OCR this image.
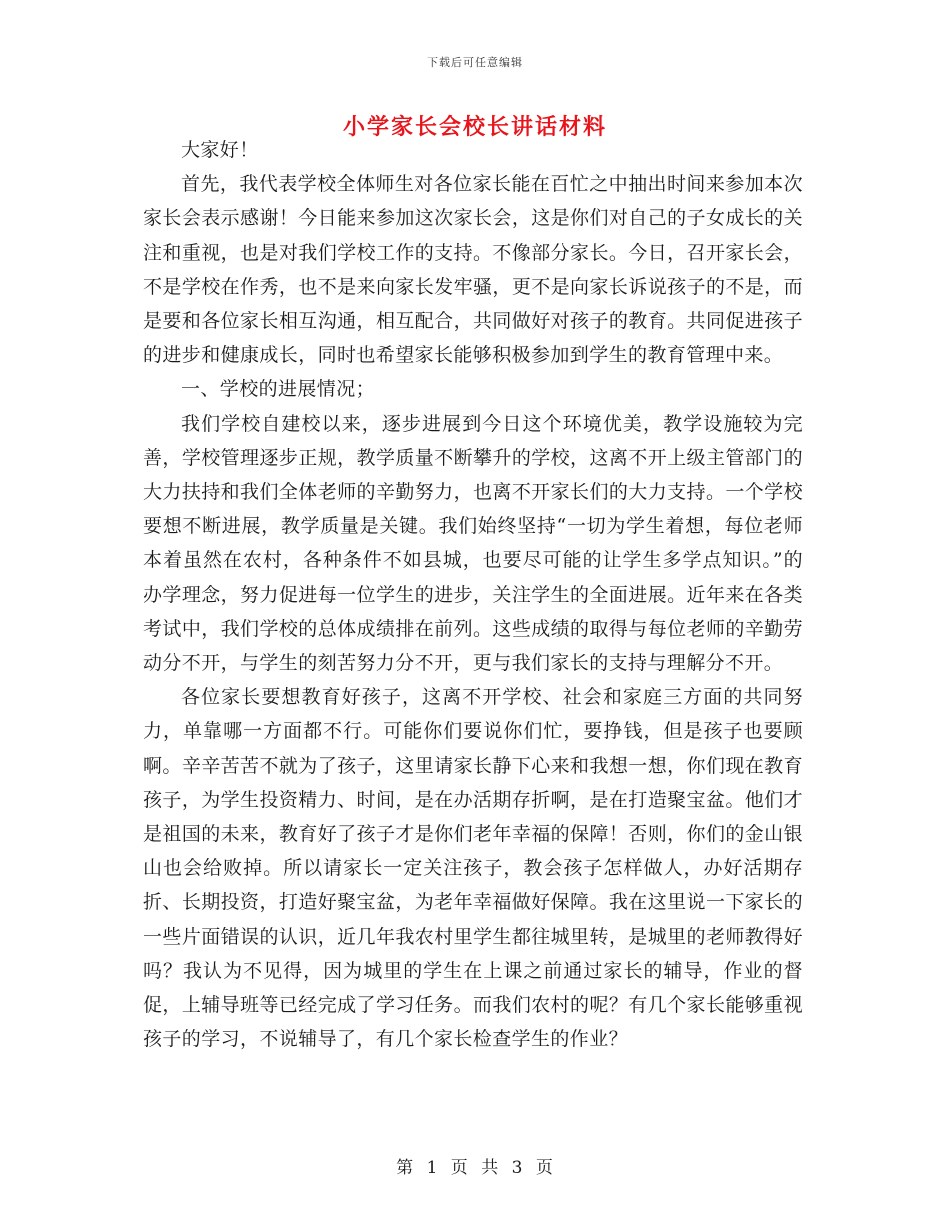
下载后可任意编辑
小学家长会校长讲话材料

大家好！

首先，我代表学校全体师生对各位家长能在百忙之中抽出时间来参加本次家长会表示感谢！今日能来参加这次家长会，这是你们对自己的子女成长的关注和重视，也是对我们学校工作的支持。不像部分家长。今日，召开家长会，不是学校在作秀，也不是来向家长发牢骚，更不是向家长诉说孩子的不是，而是要和各位家长相互沟通，相互配合，共同做好对孩子的教育。共同促进孩子的进步和健康成长，同时也希望家长能够积极参加到学生的教育管理中来。

一、学校的进展情况；

我们学校自建校以来，逐步进展到今日这个环境优美，教学设施较为完善，学校管理逐步正规，教学质量不断攀升的学校，这离不开上级主管部门的大力扶持和我们全体老师的辛勤努力，也离不开家长们的大力支持。一个学校要想不断进展，教学质量是关键。我们始终坚持“一切为学生着想，每位老师本着虽然在农村，各种条件不如县城，也要尽可能的让学生多学点知识。”的办学理念，努力促进每一位学生的进步，关注学生的全面进展。近年来在各类考试中，我们学校的总体成绩排在前列。这些成绩的取得与每位老师的辛勤劳动分不开，与学生的刻苦努力分不开，更与我们家长的支持与理解分不开。

各位家长要想教育好孩子，这离不开学校、社会和家庭三方面的共同努力，单靠哪一方面都不行。可能你们要说你们忙，要挣钱，但是孩子也要顾啊。辛辛苦苦不就为了孩子，这里请家长静下心来和我想一想，你们现在教育孩子，为学生投资精力、时间，是在办活期存折啊，是在打造聚宝盆。他们才是祖国的未来，教育好了孩子才是你们老年幸福的保障！否则，你们的金山银山也会给败掉。所以请家长一定关注孩子，教会孩子怎样做人，办好活期存折、长期投资，打造好聚宝盆，为老年幸福做好保障。我在这里说一下家长的一些片面错误的认识，近几年我农村里学生都往城里转，是城里的老师教得好吗？我认为不见得，因为城里的学生在上课之前通过家长的辅导，作业的督促，上辅导班等已经完成了学习任务。而我们农村的呢？有几个家长能够重视孩子的学习，不说辅导了，有几个家长检查学生的作业？

第 1 页 共 3 页
